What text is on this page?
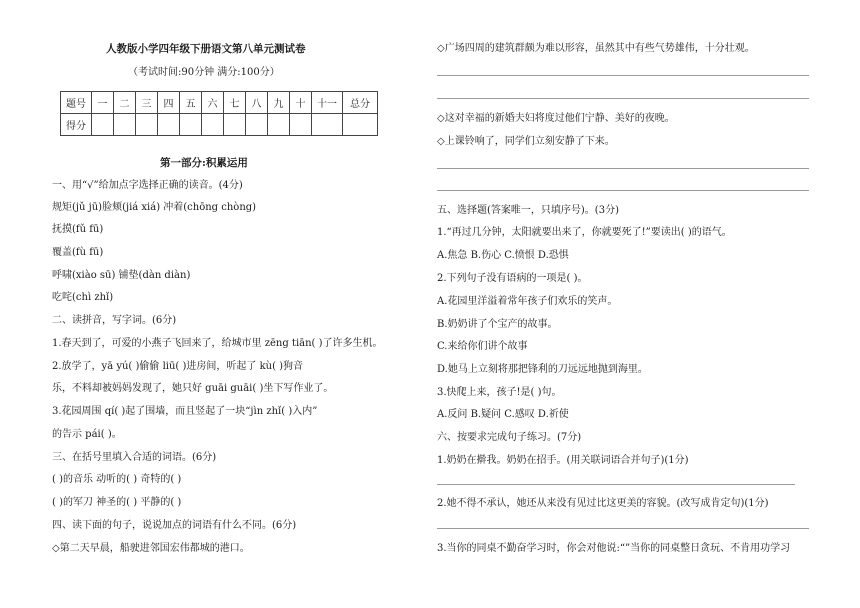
人教版小学四年级下册语文第八单元测试卷
（考试时间:90分钟 满分:100分）
题号	一	二	三	四	五	六	七	八	九	十	十一	总分
得分												
第一部分:积累运用
一、用“√”给加点字选择正确的读音。(4分)
规矩(jǔ jū)脸颊(jiá xiá) 冲着(chōng chòng)
抚摸(fǔ fū)
覆盖(fù fū)
呼啸(xiào sū) 铺垫(dàn diàn)
吃咤(chì zhǐ)
二、读拼音，写字词。(6分)
1.春天到了，可爱的小燕子飞回来了，给城市里 zēng tiān( )了许多生机。
2.放学了，yā yú( )偷偷 liū( )进房间，听起了 kù( )狗音
乐，不料却被妈妈发现了，她只好 guāi guāi( )坐下写作业了。
3.花园周围 qí( )起了围墙，而且竖起了一块“jìn zhǐ( )入内”
的告示 pái( )。
三、在括号里填入合适的词语。(6分)
( )的音乐 动听的( ) 奇特的( )
( )的军刀 神圣的( ) 平静的( )
四、读下面的句子，说说加点的词语有什么不同。(6分)
◇第二天早晨，船驶进邻国宏伟都城的港口。
◇广场四周的建筑群颇为难以形容，虽然其中有些气势雄伟，十分壮观。
◇这对幸福的新婚夫妇将度过他们宁静、美好的夜晚。
◇上课铃响了，同学们立刻安静了下来。
五、选择题(答案唯一，只填序号)。(3分)
1.“再过几分钟，太阳就要出来了，你就要死了!”要读出( )的语气。
A.焦急 B.伤心 C.愤恨 D.恐惧
2.下列句子没有语病的一项是( )。
A.花园里洋溢着常年孩子们欢乐的笑声。
B.奶奶讲了个宝产的故事。
C.来给你们讲个故事
D.她马上立刻将那把锋利的刀远远地抛到海里。
3.快爬上来，孩子!是( )句。
A.反问 B.疑问 C.感叹 D.祈使
六、按要求完成句子练习。(7分)
1.奶奶在擀我。奶奶在招手。(用关联词语合并句子)(1分)
2.她不得不承认，她还从来没有见过比这更美的容貌。(改写成肯定句)(1分)
3.当你的同桌不勤奋学习时，你会对他说:“”当你的同桌整日贪玩、不肯用功学习
